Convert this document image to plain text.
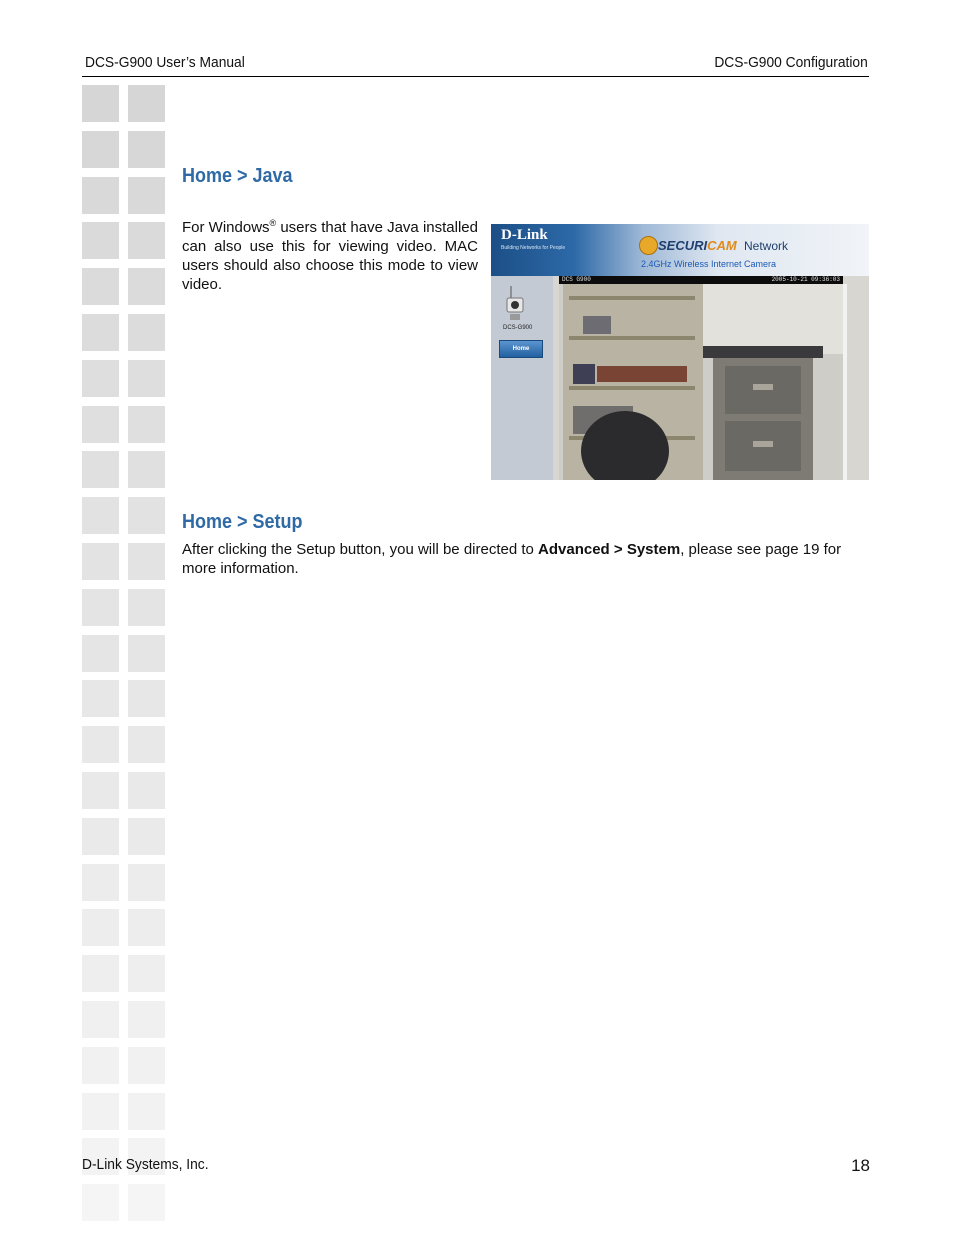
DCS-G900 User’s Manual	DCS-G900 Configuration
Home > Java
For Windows® users that have Java installed can also use this for viewing video. MAC users should also choose this mode to view video.
D-Link
Building Networks for People	SECURICAM Network
2.4GHz Wireless Internet Camera
DCS-G900
Home
DCS G900	2005-10-21 09:36:03
Home > Setup
After clicking the Setup button, you will be directed to Advanced > System, please see page 19 for more information.
D-Link Systems, Inc.	18
